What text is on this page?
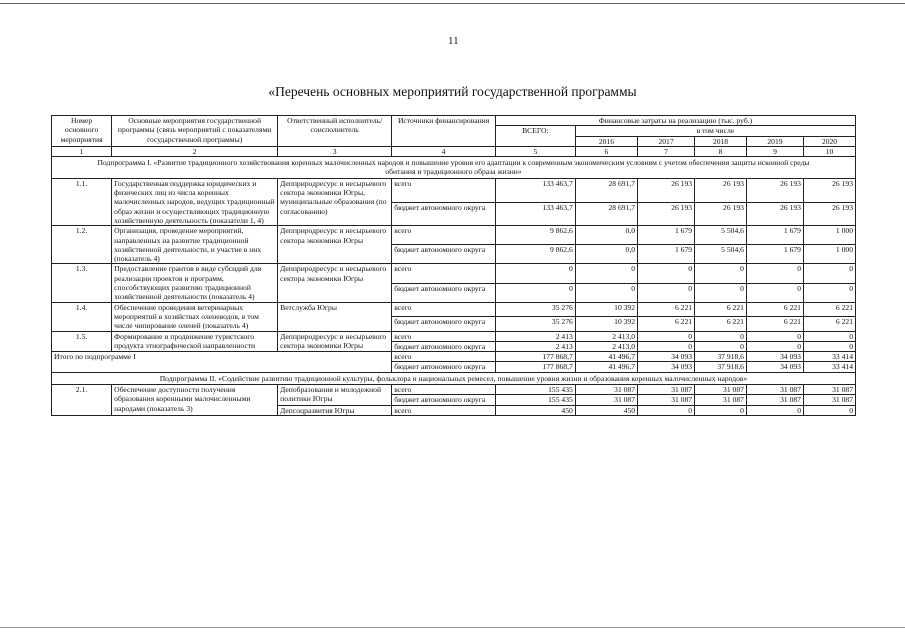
11
«Перечень основных мероприятий государственной программы
Номер основного мероприятия	Основные мероприятия государственной программы (связь мероприятий с показателями государственной программы)	Ответственный исполнитель/ соисполнитель	Источники финансирования	Финансовые затраты на реализацию (тыс. руб.)					
				ВСЕГО:	в том числе				
					2016	2017	2018	2019	2020
1	2	3	4	5	6	7	8	9	10
Подпрограмма I. «Развитие традиционного хозяйствования коренных малочисленных народов и повышение уровня его адаптации к современным экономическим условиям с учетом обеспечения защиты исконной среды обитания и традиционного образа жизни»									
1.1.	Государственная поддержка юридических и физических лиц из числа коренных малочисленных народов, ведущих традиционный образ жизни и осуществляющих традиционную хозяйственную деятельность (показатели 1, 4)	Депприродресурс и несырьевого сектора экономики Югры, муниципальные образования (по согласованию)	всего	133 463,7	28 691,7	26 193	26 193	26 193	26 193
			бюджет автономного округа	133 463,7	28 691,7	26 193	26 193	26 193	26 193
1.2.	Организация, проведение мероприятий, направленных на развитие традиционной хозяйственной деятельности, и участие в них (показатель 4)	Депприродресурс и несырьевого сектора экономики Югры	всего	9 862,6	0,0	1 679	5 504,6	1 679	1 000
			бюджет автономного округа	9 862,6	0,0	1 679	5 504,6	1 679	1 000
1.3.	Предоставление грантов в виде субсидий для реализации проектов и программ, способствующих развитию традиционной хозяйственной деятельности (показатель 4)	Депприродресурс и несырьевого сектора экономики Югры	всего	0	0	0	0	0	0
			бюджет автономного округа	0	0	0	0	0	0
1.4.	Обеспечение проведения ветеринарных мероприятий в хозяйствах оленеводов, в том числе чипирование оленей (показатель 4)	Ветслужба Югры	всего	35 276	10 392	6 221	6 221	6 221	6 221
			бюджет автономного округа	35 276	10 392	6 221	6 221	6 221	6 221
1.5.	Формирование и продвижение туристского продукта этнографической направленности	Депприродресурс и несырьевого сектора экономики Югры	всего	2 413	2 413,0	0	0	0	0
			бюджет автономного округа	2 413	2 413,0	0	0	0	0
Итого по подпрограмме I			всего	177 868,7	41 496,7	34 093	37 918,6	34 093	33 414
			бюджет автономного округа	177 868,7	41 496,7	34 093	37 918,6	34 093	33 414
Подпрограмма II. «Содействие развитию традиционной культуры, фольклора и национальных ремесел, повышение уровня жизни и образования коренных малочисленных народов»									
2.1.	Обеспечение доступности получения образования коренными малочисленными народами (показатель 3)	Депобразования и молодежной политики Югры	всего	155 435	31 087	31 087	31 087	31 087	31 087
			бюджет автономного округа	155 435	31 087	31 087	31 087	31 087	31 087
		Депсоцразвития Югры	всего	450	450	0	0	0	0
